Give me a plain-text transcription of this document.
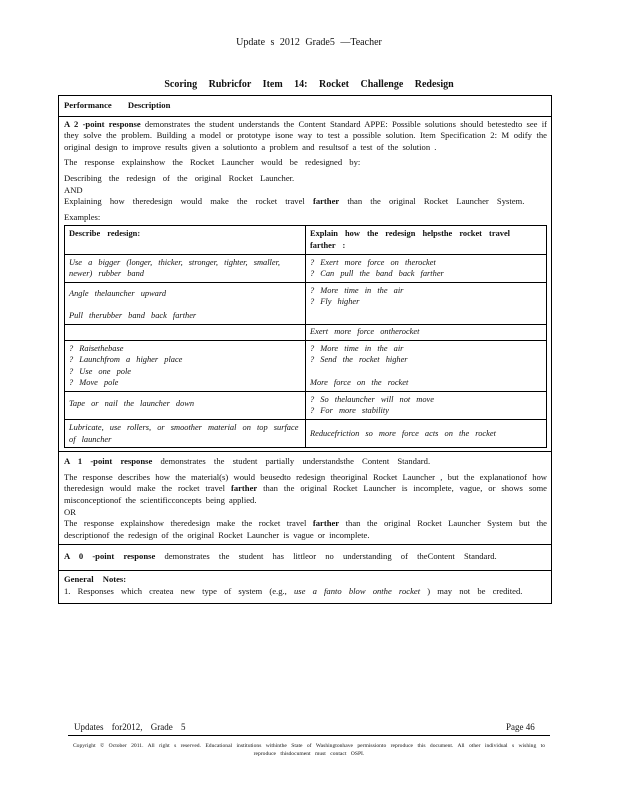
Update s 2012 Grade5 —Teacher
Scoring Rubricfor Item 14: Rocket Challenge Redesign
Performance Description

A 2 -point response demonstrates the student understands the Content Standard APPE: Possible solutions should betestedto see if they solve the problem. Building a model or prototype isone way to test a possible solution. Item Specification 2: M odify the original design to improve results given a solutionto a problem and resultsof a test of the solution .

The response explainshow the Rocket Launcher would be redesigned by:

Describing the redesign of the original Rocket Launcher.

AND

Explaining how theredesign would make the rocket travel farther than the original Rocket Launcher System.

Examples:

Describe redesign:	Explain how the redesign helpsthe rocket travel farther :

Use a bigger (longer, thicker, stronger, tighter, smaller, newer) rubber band	? Exert more force on therocket
? Can pull the band back farther

Angle thelauncher upward
Pull therubber band back farther	? More time in the air
? Fly higher

	Exert more force ontherocket

? Raisethebase
? Launchfrom a higher place
? Use one pole
? Move pole	? More time in the air
? Send the rocket higher
More force on the rocket

Tape or nail the launcher down	? So thelauncher will not move
? For more stability

Lubricate, use rollers, or smoother material on top surface of launcher	Reducefriction so more force acts on the rocket

A 1 -point response demonstrates the student partially understandsthe Content Standard.

The response describes how the material(s) would beusedto redesign theoriginal Rocket Launcher , but the explanationof how theredesign would make the rocket travel farther than the original Rocket Launcher is incomplete, vague, or shows some misconceptionof the scientificconcepts being applied.

OR

The response explainshow theredesign make the rocket travel farther than the original Rocket Launcher System but the descriptionof the redesign of the original Rocket Launcher is vague or incomplete.

A 0 -point response demonstrates the student has littleor no understanding of theContent Standard.

General Notes:

1. Responses which createa new type of system (e.g., use a fanto blow onthe rocket ) may not be credited.

Updates for2012, Grade 5	Page 46
Copyright © October 2011. All right s reserved. Educational institutions withinthe State of Washingtonhave permissionto reproduce this document. All other individual s wishing to reproduce thisdocument must contact OSPI.
